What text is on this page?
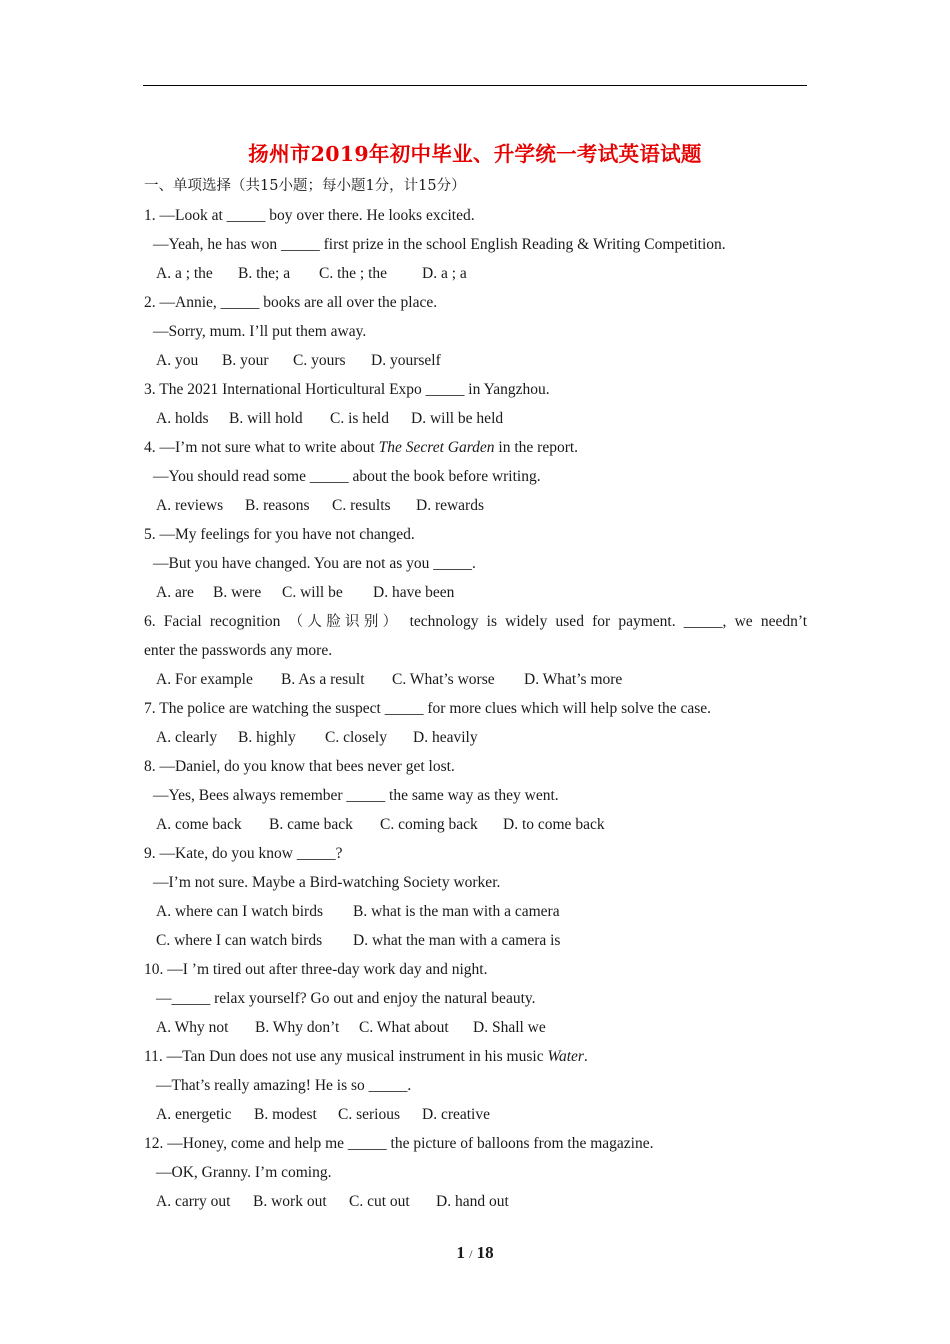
扬州市2019年初中毕业、升学统一考试英语试题
一、单项选择（共15小题；每小题1分，计15分）
1. —Look at _____ boy over there. He looks excited.
—Yeah, he has won _____ first prize in the school English Reading & Writing Competition.
A. a ; the B. the; a C. the ; the D. a ; a
2. —Annie, _____ books are all over the place.
—Sorry, mum. I’ll put them away.
A. you B. your C. yours D. yourself
3. The 2021 International Horticultural Expo _____ in Yangzhou.
A. holds B. will hold C. is held D. will be held
4. —I’m not sure what to write about The Secret Garden in the report.
—You should read some _____ about the book before writing.
A. reviews B. reasons C. results D. rewards
5. —My feelings for you have not changed.
—But you have changed. You are not as you _____.
A. are B. were C. will be D. have been
6. Facial recognition （人脸识别） technology is widely used for payment. _____, we needn’t
enter the passwords any more.
A. For example B. As a result C. What’s worse D. What’s more
7. The police are watching the suspect _____ for more clues which will help solve the case.
A. clearly B. highly C. closely D. heavily
8. —Daniel, do you know that bees never get lost.
—Yes, Bees always remember _____ the same way as they went.
A. come back B. came back C. coming back D. to come back
9. —Kate, do you know _____?
—I’m not sure. Maybe a Bird-watching Society worker.
A. where can I watch birds B. what is the man with a camera
C. where I can watch birds D. what the man with a camera is
10. —I ’m tired out after three-day work day and night.
—_____ relax yourself? Go out and enjoy the natural beauty.
A. Why not B. Why don’t C. What about D. Shall we
11. —Tan Dun does not use any musical instrument in his music Water.
—That’s really amazing! He is so _____.
A. energetic B. modest C. serious D. creative
12. —Honey, come and help me _____ the picture of balloons from the magazine.
—OK, Granny. I’m coming.
A. carry out B. work out C. cut out D. hand out
1 / 18
